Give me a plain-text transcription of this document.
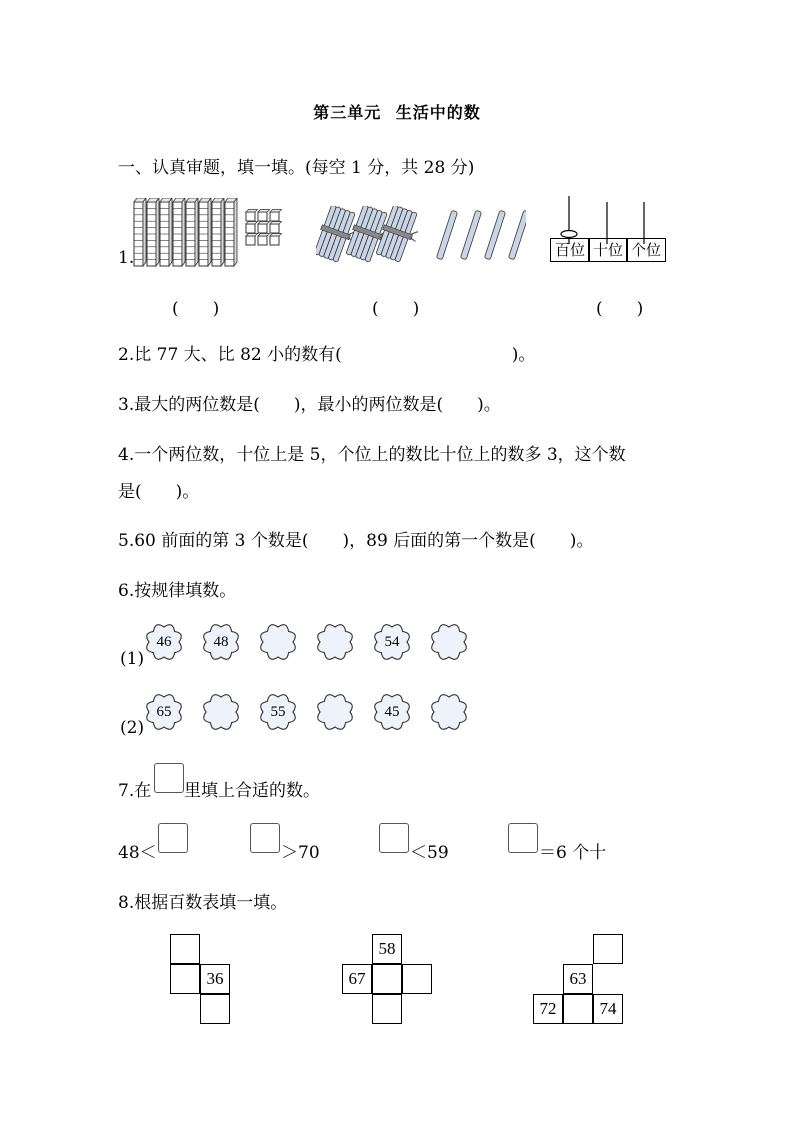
第三单元 生活中的数
一、认真审题，填一填。(每空 1 分，共 28 分)
1.	百位 十位 个位
(　　)	(　　)	(　　)
2.比 77 大、比 82 小的数有(	)。
3.最大的两位数是(　　)，最小的两位数是(　　)。
4.一个两位数，十位上是 5，个位上的数比十位上的数多 3，这个数
是(　　)。
5.60 前面的第 3 个数是(　　)，89 后面的第一个数是(　　)。
6.按规律填数。
(1)
(2)
46	48	54
65	55	45
7.在 里填上合适的数。
48＜	＞70	＜59	＝6 个十
8.根据百数表填一填。
36
58
67	63
72	74
